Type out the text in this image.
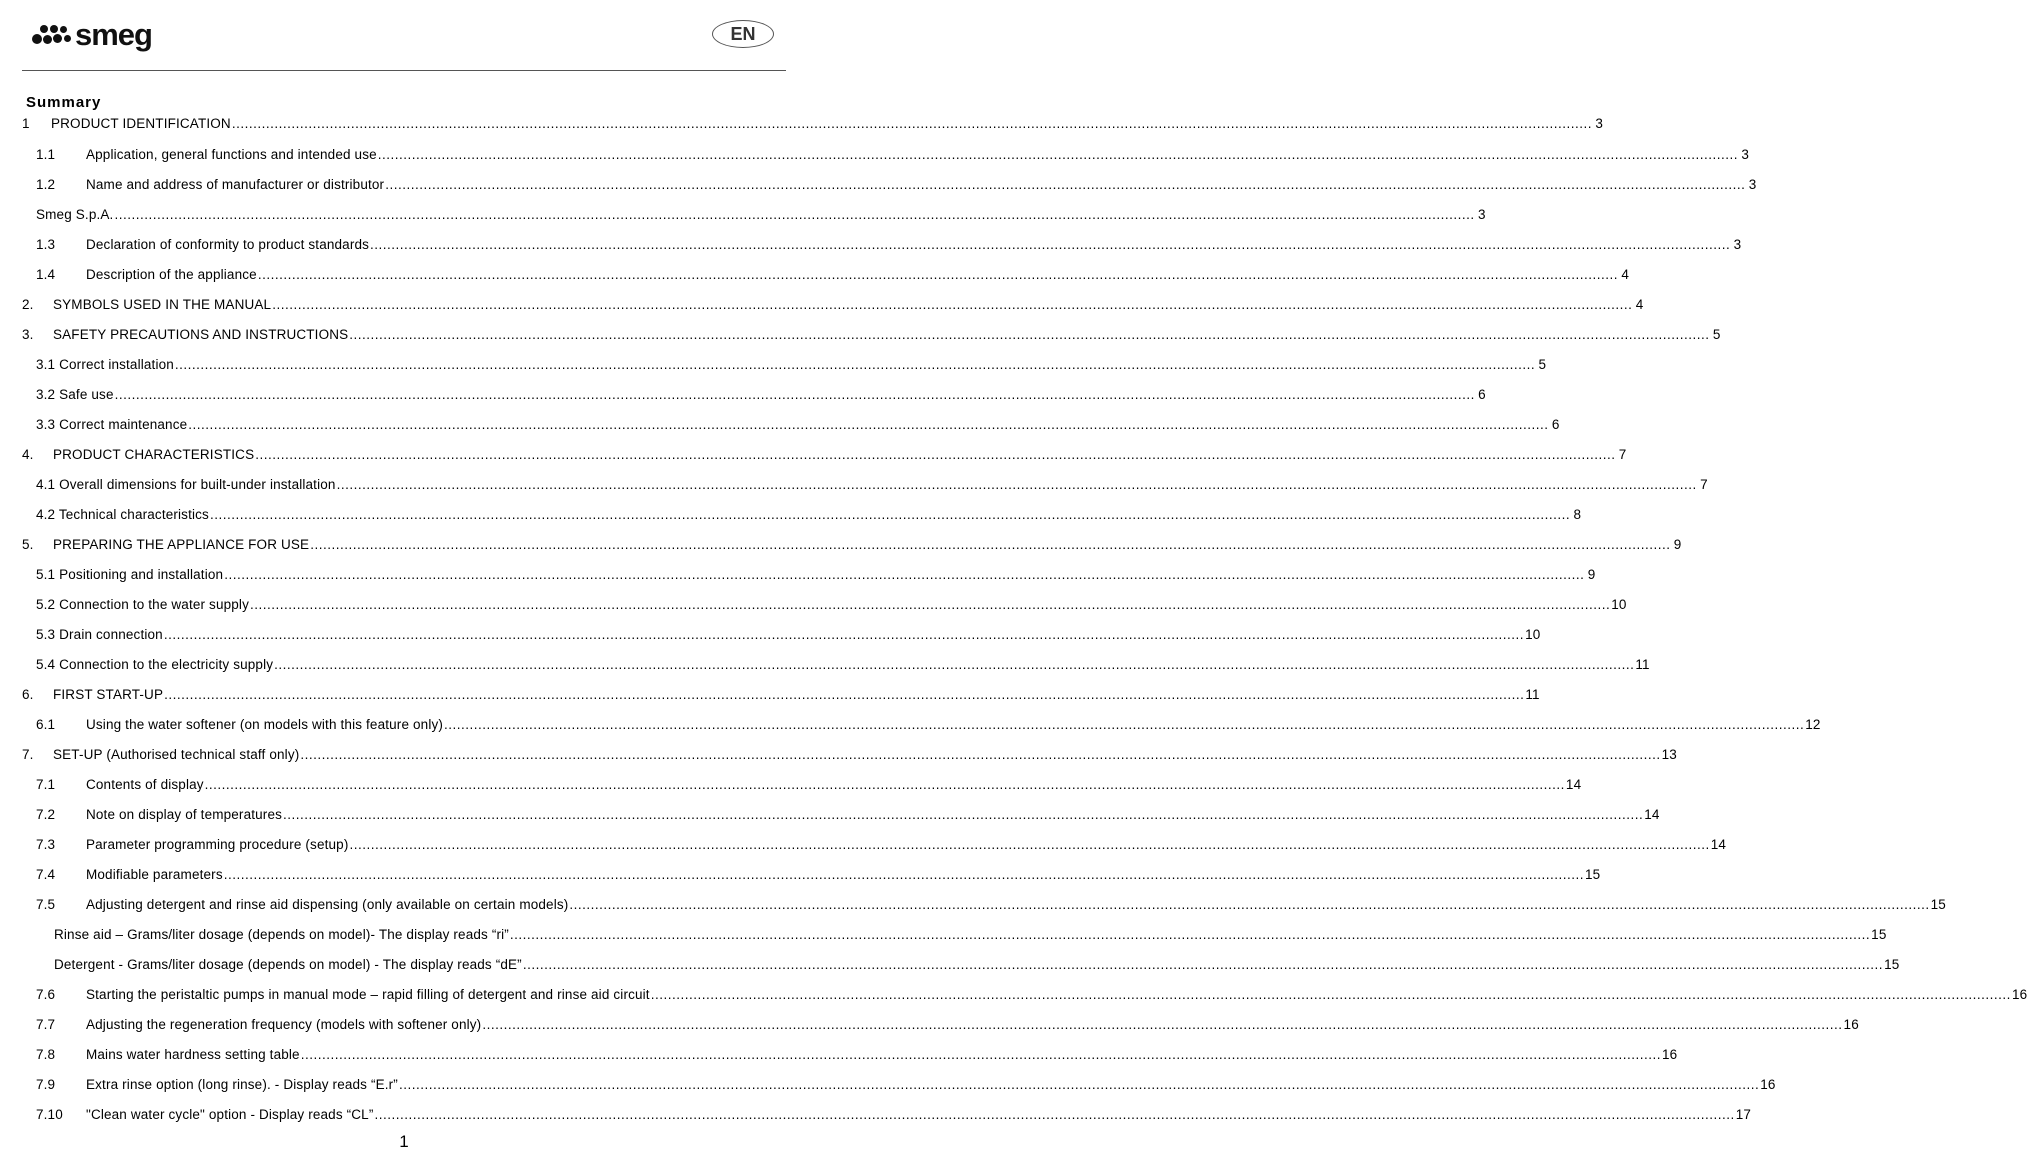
smeg	EN
Summary
1	PRODUCT IDENTIFICATION .....	3
1.1	Application, general functions and intended use .....	3
1.2	Name and address of manufacturer or distributor .....	3
Smeg S.p.A. .....	3
1.3	Declaration of conformity to product standards .....	3
1.4	Description of the appliance .....	4
2.	SYMBOLS USED IN THE MANUAL .....	4
3.	SAFETY PRECAUTIONS AND INSTRUCTIONS .....	5
3.1 Correct installation .....	5
3.2 Safe use .....	6
3.3 Correct maintenance .....	6
4.	PRODUCT CHARACTERISTICS .....	7
4.1 Overall dimensions for built-under installation .....	7
4.2 Technical characteristics .....	8
5.	PREPARING THE APPLIANCE FOR USE .....	9
5.1 Positioning and installation .....	9
5.2 Connection to the water supply .....	10
5.3 Drain connection .....	10
5.4 Connection to the electricity supply .....	11
6.	FIRST START-UP .....	11
6.1	Using the water softener (on models with this feature only) .....	12
7.	SET-UP (Authorised technical staff only) .....	13
7.1	Contents of display .....	14
7.2	Note on display of temperatures .....	14
7.3	Parameter programming procedure (setup) .....	14
7.4	Modifiable parameters .....	15
7.5	Adjusting detergent and rinse aid dispensing (only available on certain models) .....	15
Rinse aid – Grams/liter dosage (depends on model)- The display reads “ri” .....	15
Detergent - Grams/liter dosage (depends on model) - The display reads “dE” .....	15
7.6	Starting the peristaltic pumps in manual mode – rapid filling of detergent and rinse aid circuit .....	16
7.7	Adjusting the regeneration frequency (models with softener only) .....	16
7.8	Mains water hardness setting table .....	16
7.9	Extra rinse option (long rinse). - Display reads “E.r” .....	16
7.10	"Clean water cycle" option - Display reads “CL” .....	17
1
